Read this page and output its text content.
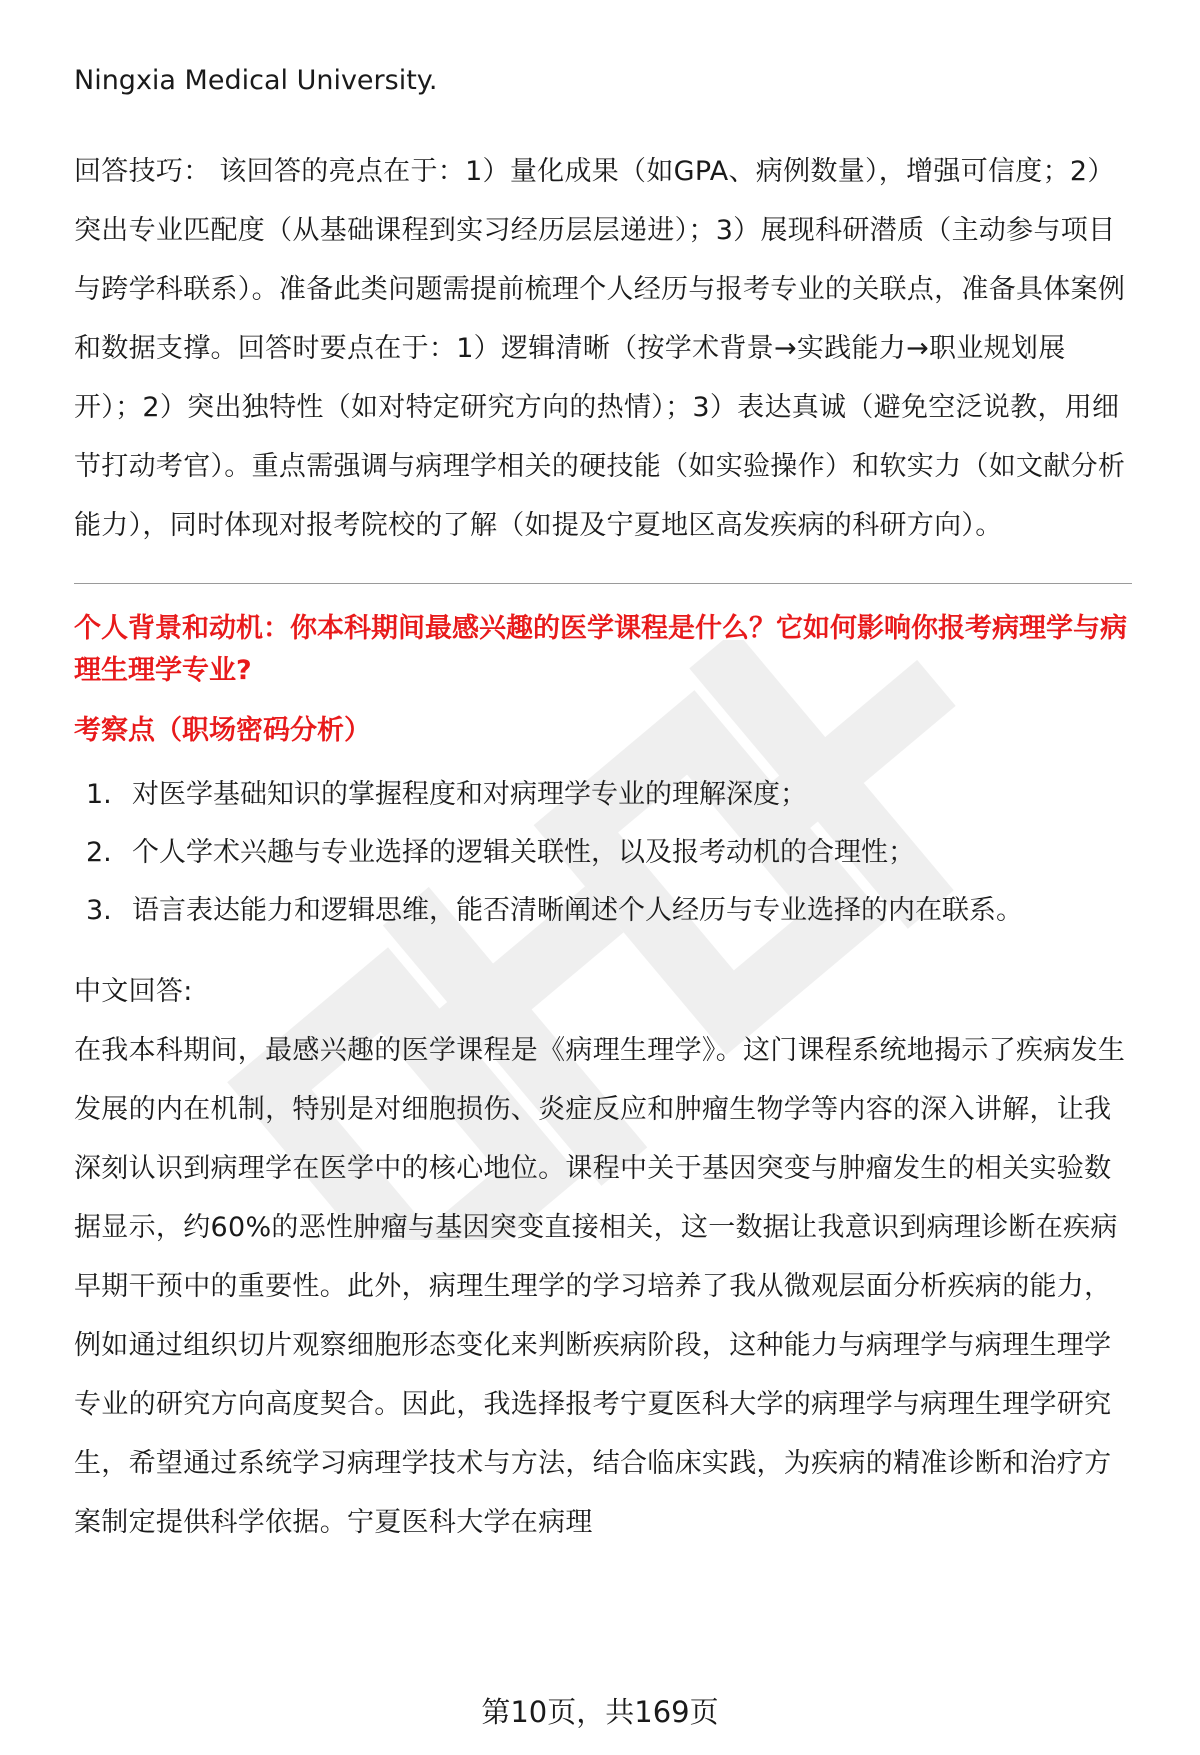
Ningxia Medical University.

回答技巧： 该回答的亮点在于：1）量化成果（如GPA、病例数量），增强可信度；2）突出专业匹配度（从基础课程到实习经历层层递进）；3）展现科研潜质（主动参与项目与跨学科联系）。准备此类问题需提前梳理个人经历与报考专业的关联点，准备具体案例和数据支撑。回答时要点在于：1）逻辑清晰（按学术背景→实践能力→职业规划展开）；2）突出独特性（如对特定研究方向的热情）；3）表达真诚（避免空泛说教，用细节打动考官）。重点需强调与病理学相关的硬技能（如实验操作）和软实力（如文献分析能力），同时体现对报考院校的了解（如提及宁夏地区高发疾病的科研方向）。

个人背景和动机：你本科期间最感兴趣的医学课程是什么？它如何影响你报考病理学与病理生理学专业?

考察点（职场密码分析）

1. 对医学基础知识的掌握程度和对病理学专业的理解深度；
2. 个人学术兴趣与专业选择的逻辑关联性，以及报考动机的合理性；
3. 语言表达能力和逻辑思维，能否清晰阐述个人经历与专业选择的内在联系。

中文回答:

在我本科期间，最感兴趣的医学课程是《病理生理学》。这门课程系统地揭示了疾病发生发展的内在机制，特别是对细胞损伤、炎症反应和肿瘤生物学等内容的深入讲解，让我深刻认识到病理学在医学中的核心地位。课程中关于基因突变与肿瘤发生的相关实验数据显示，约60%的恶性肿瘤与基因突变直接相关，这一数据让我意识到病理诊断在疾病早期干预中的重要性。此外，病理生理学的学习培养了我从微观层面分析疾病的能力，例如通过组织切片观察细胞形态变化来判断疾病阶段，这种能力与病理学与病理生理学专业的研究方向高度契合。因此，我选择报考宁夏医科大学的病理学与病理生理学研究生，希望通过系统学习病理学技术与方法，结合临床实践，为疾病的精准诊断和治疗方案制定提供科学依据。宁夏医科大学在病理

第10页，共169页
